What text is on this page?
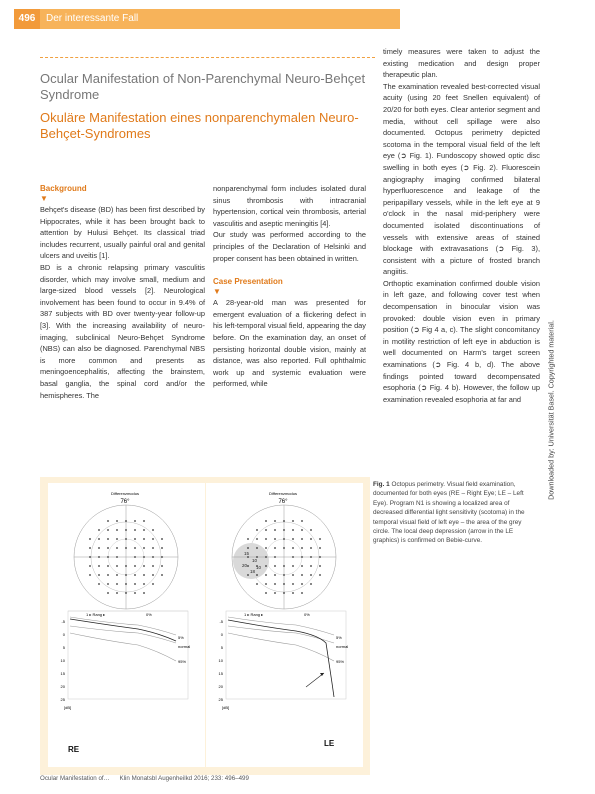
496	Der interessante Fall
Ocular Manifestation of Non-Parenchymal Neuro-Behçet Syndrome
Okuläre Manifestation eines nonparenchymalen Neuro-Behçet-Syndromes

Background

▼

Behçet's disease (BD) has been first described by Hippocrates, while it has been brought back to attention by Hulusi Behçet. Its classical triad includes recurrent, usually painful oral and genital ulcers and uveitis [1].

BD is a chronic relapsing primary vasculitis disorder, which may involve small, medium and large-sized blood vessels [2]. Neurological involvement has been found to occur in 9.4% of 387 subjects with BD over twenty-year follow-up [3]. With the increasing availability of neuro-imaging, subclinical Neuro-Behçet Syndrome (NBS) can also be diagnosed. Parenchymal NBS is more common and presents as meningoencephalitis, affecting the brainstem, basal ganglia, the spinal cord and/or the hemispheres. The

nonparenchymal form includes isolated dural sinus thrombosis with intracranial hypertension, cortical vein thrombosis, arterial vasculitis and aseptic meningitis [4].

Our study was performed according to the principles of the Declaration of Helsinki and proper consent has been obtained in written.

Case Presentation

▼

A 28-year-old man was presented for emergent evaluation of a flickering defect in his left-temporal visual field, appearing the day before. On the examination day, an onset of persisting horizontal double vision, mainly at distance, was also reported. Full ophthalmic work up and systemic evaluation were performed, while

timely measures were taken to adjust the existing medication and design proper therapeutic plan.

The examination revealed best-corrected visual acuity (using 20 feet Snellen equivalent) of 20/20 for both eyes. Clear anterior segment and media, without cell spillage were also documented. Octopus perimetry depicted scotoma in the temporal visual field of the left eye (➲ Fig. 1). Fundoscopy showed optic disc swelling in both eyes (➲ Fig. 2). Fluorescein angiography imaging confirmed bilateral hyperfluorescence and leakage of the peripapillary vessels, while in the left eye at 9 o'clock in the nasal mid-periphery were documented isolated discontinuations of vessels with extensive areas of stained blockage with extravasations (➲ Fig. 3), consistent with a picture of frosted branch angiitis.

Orthoptic examination confirmed double vision in left gaze, and following cover test when decompensation in binocular vision was provoked: double vision even in primary position (➲ Fig 4 a, c). The slight concomitancy in motility restriction of left eye in abduction is well documented on Harm's target screen examinations (➲ Fig. 4 b, d). The above findings pointed toward decompensated esophoria (➲ Fig. 4 b). However, the follow up examination revealed esophoria at far and

Differenzmodus
76°
1 ▸ Rang ▸	0%
-5
0
5
10
15
20
25
5%
normal
95%
[dB]
RE
Differenzmodus
76°
15
10
20
18
10
1 ▸ Rang ▸	0%
-5
0
5
10
15
20
25
5%
normal
95%
[dB]
LE
Fig. 1 Octopus perimetry. Visual field examination, documented for both eyes (RE – Right Eye; LE – Left Eye). Program N1 is showing a localized area of decreased differential light sensitivity (scotoma) in the temporal visual field of left eye – the area of the grey circle. The local deep depression (arrow in the LE graphics) is confirmed on Bebie-curve.
Downloaded by: Universität Basel. Copyrighted material.
Ocular Manifestation of… Klin Monatsbl Augenheilkd 2016; 233: 496–499
